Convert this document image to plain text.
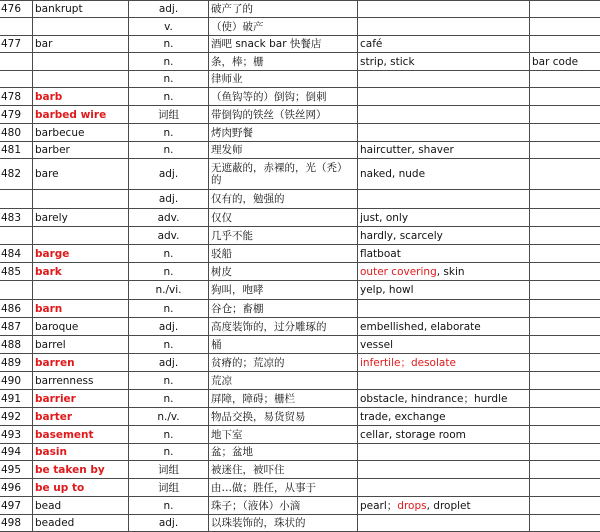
476	bankrupt	adj.	破产了的		
		v.	（使）破产		
477	bar	n.	酒吧 snack bar 快餐店	café	
		n.	条，棒；栅	strip, stick	bar code
		n.	律师业		
478	barb	n.	（鱼钩等的）倒钩；倒刺		
479	barbed wire	词组	带倒钩的铁丝（铁丝网）		
480	barbecue	n.	烤肉野餐		
481	barber	n.	理发师	haircutter, shaver	
482	bare	adj.	无遮蔽的，赤裸的，光（秃）的	naked, nude	
		adj.	仅有的，勉强的		
483	barely	adv.	仅仅	just, only	
		adv.	几乎不能	hardly, scarcely	
484	barge	n.	驳船	flatboat	
485	bark	n.	树皮	outer covering, skin	
		n./vi.	狗叫，咆哮	yelp, howl	
486	barn	n.	谷仓；畜棚		
487	baroque	adj.	高度装饰的，过分雕琢的	embellished, elaborate	
488	barrel	n.	桶	vessel	
489	barren	adj.	贫瘠的；荒凉的	infertile；desolate	
490	barrenness	n.	荒凉		
491	barrier	n.	屏障，障碍；栅栏	obstacle, hindrance；hurdle	
492	barter	n./v.	物品交换，易货贸易	trade, exchange	
493	basement	n.	地下室	cellar, storage room	
494	basin	n.	盆；盆地		
495	be taken by	词组	被迷住，被吓住		
496	be up to	词组	由…做；胜任，从事于		
497	bead	n.	珠子；（液体）小滴	pearl；drops, droplet	
498	beaded	adj.	以珠装饰的，珠状的		
